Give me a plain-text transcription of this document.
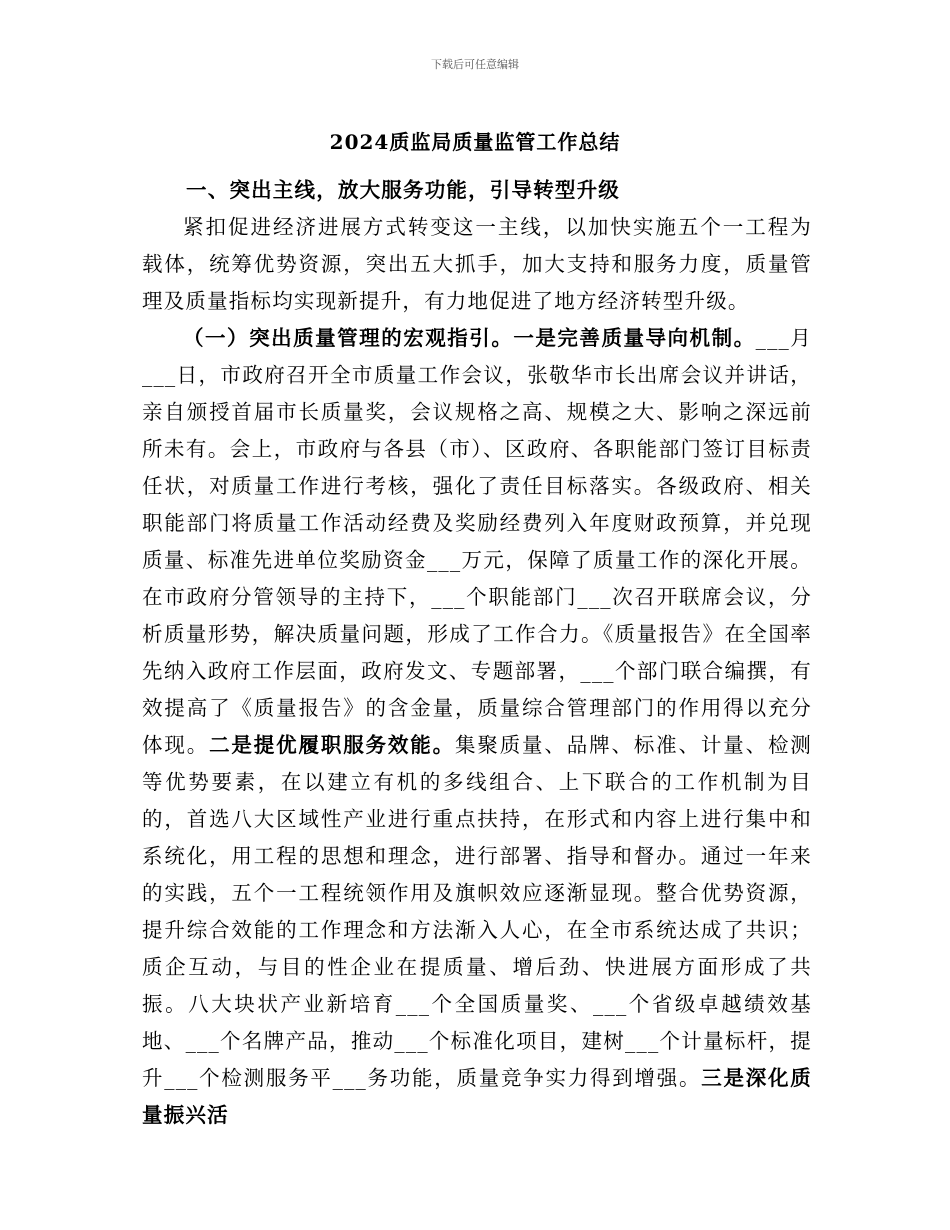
下载后可任意编辑
2024质监局质量监管工作总结

一、突出主线，放大服务功能，引导转型升级

紧扣促进经济进展方式转变这一主线，以加快实施五个一工程为载体，统筹优势资源，突出五大抓手，加大支持和服务力度，质量管理及质量指标均实现新提升，有力地促进了地方经济转型升级。

（一）突出质量管理的宏观指引。一是完善质量导向机制。___月___日，市政府召开全市质量工作会议，张敬华市长出席会议并讲话，亲自颁授首届市长质量奖，会议规格之高、规模之大、影响之深远前所未有。会上，市政府与各县（市）、区政府、各职能部门签订目标责任状，对质量工作进行考核，强化了责任目标落实。各级政府、相关职能部门将质量工作活动经费及奖励经费列入年度财政预算，并兑现质量、标准先进单位奖励资金___万元，保障了质量工作的深化开展。在市政府分管领导的主持下，___个职能部门___次召开联席会议，分析质量形势，解决质量问题，形成了工作合力。《质量报告》在全国率先纳入政府工作层面，政府发文、专题部署，___个部门联合编撰，有效提高了《质量报告》的含金量，质量综合管理部门的作用得以充分体现。二是提优履职服务效能。集聚质量、品牌、标准、计量、检测等优势要素，在以建立有机的多线组合、上下联合的工作机制为目的，首选八大区域性产业进行重点扶持，在形式和内容上进行集中和系统化，用工程的思想和理念，进行部署、指导和督办。通过一年来的实践，五个一工程统领作用及旗帜效应逐渐显现。整合优势资源，提升综合效能的工作理念和方法渐入人心，在全市系统达成了共识；质企互动，与目的性企业在提质量、增后劲、快进展方面形成了共振。八大块状产业新培育___个全国质量奖、___个省级卓越绩效基地、___个名牌产品，推动___个标准化项目，建树___个计量标杆，提升___个检测服务平___务功能，质量竞争实力得到增强。三是深化质量振兴活
